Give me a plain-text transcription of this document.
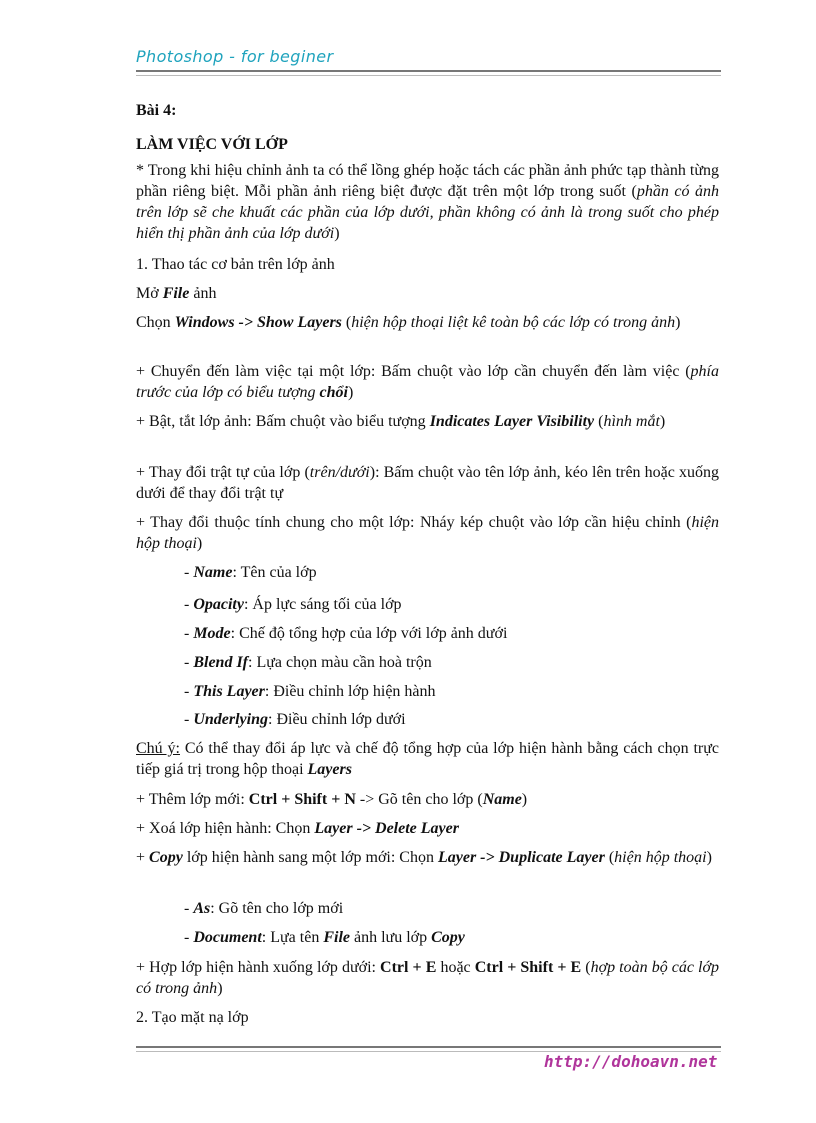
Photoshop - for beginer

Bài 4:

LÀM VIỆC VỚI LỚP

* Trong khi hiệu chỉnh ảnh ta có thể lồng ghép hoặc tách các phần ảnh phức tạp thành từng phần riêng biệt. Mỗi phần ảnh riêng biệt được đặt trên một lớp trong suốt (phần có ảnh trên lớp sẽ che khuất các phần của lớp dưới, phần không có ảnh là trong suốt cho phép hiển thị phần ảnh của lớp dưới)

1. Thao tác cơ bản trên lớp ảnh

Mở File ảnh

Chọn Windows -> Show Layers (hiện hộp thoại liệt kê toàn bộ các lớp có trong ảnh)

+ Chuyển đến làm việc tại một lớp: Bấm chuột vào lớp cần chuyển đến làm việc (phía trước của lớp có biểu tượng chổi)

+ Bật, tắt lớp ảnh: Bấm chuột vào biểu tượng Indicates Layer Visibility (hình mắt)

+ Thay đổi trật tự của lớp (trên/dưới): Bấm chuột vào tên lớp ảnh, kéo lên trên hoặc xuống dưới để thay đổi trật tự

+ Thay đổi thuộc tính chung cho một lớp: Nháy kép chuột vào lớp cần hiệu chỉnh (hiện hộp thoại)

- Name: Tên của lớp

- Opacity: Áp lực sáng tối của lớp

- Mode: Chế độ tổng hợp của lớp với lớp ảnh dưới

- Blend If: Lựa chọn màu cần hoà trộn

- This Layer: Điều chỉnh lớp hiện hành

- Underlying: Điều chỉnh lớp dưới

Chú ý: Có thể thay đổi áp lực và chế độ tổng hợp của lớp hiện hành bằng cách chọn trực tiếp giá trị trong hộp thoại Layers

+ Thêm lớp mới: Ctrl + Shift + N -> Gõ tên cho lớp (Name)

+ Xoá lớp hiện hành: Chọn Layer -> Delete Layer

+ Copy lớp hiện hành sang một lớp mới: Chọn Layer -> Duplicate Layer (hiện hộp thoại)

- As: Gõ tên cho lớp mới

- Document: Lựa tên File ảnh lưu lớp Copy

+ Hợp lớp hiện hành xuống lớp dưới: Ctrl + E hoặc Ctrl + Shift + E (hợp toàn bộ các lớp có trong ảnh)

2. Tạo mặt nạ lớp

http://dohoavn.net
